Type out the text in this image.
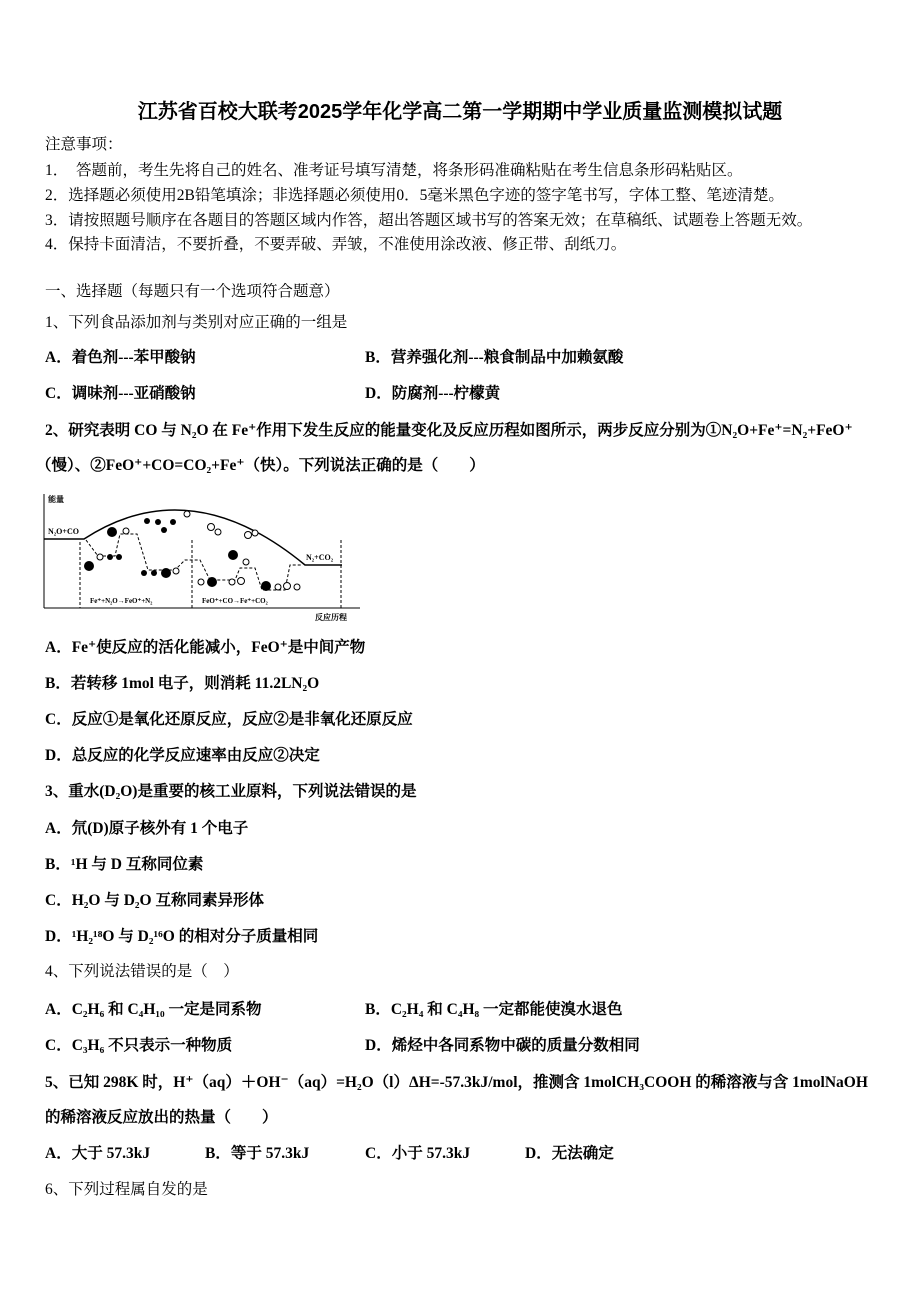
江苏省百校大联考2025学年化学高二第一学期期中学业质量监测模拟试题
注意事项：
1．　答题前，考生先将自己的姓名、准考证号填写清楚，将条形码准确粘贴在考生信息条形码粘贴区。
2．选择题必须使用2B铅笔填涂；非选择题必须使用0．5毫米黑色字迹的签字笔书写，字体工整、笔迹清楚。
3．请按照题号顺序在各题目的答题区域内作答，超出答题区域书写的答案无效；在草稿纸、试题卷上答题无效。
4．保持卡面清洁，不要折叠，不要弄破、弄皱，不准使用涂改液、修正带、刮纸刀。
一、选择题（每题只有一个选项符合题意）
1、下列食品添加剂与类别对应正确的一组是
A．着色剂---苯甲酸钠	B．营养强化剂---粮食制品中加赖氨酸
C．调味剂---亚硝酸钠	D．防腐剂---柠檬黄
2、研究表明 CO 与 N₂O 在 Fe⁺作用下发生反应的能量变化及反应历程如图所示，两步反应分别为①N₂O+Fe⁺=N₂+FeO⁺
（慢）、②FeO⁺+CO=CO₂+Fe⁺（快）。下列说法正确的是（　　）
能量
反应历程
N₂O+CO
N₂+CO₂
Fe⁺+N₂O→FeO⁺+N₂	FeO⁺+CO→Fe⁺+CO₂
A．Fe⁺使反应的活化能减小，FeO⁺是中间产物
B．若转移 1mol 电子，则消耗 11.2LN₂O
C．反应①是氧化还原反应，反应②是非氧化还原反应
D．总反应的化学反应速率由反应②决定
3、重水(D₂O)是重要的核工业原料，下列说法错误的是
A．氘(D)原子核外有 1 个电子
B．¹H 与 D 互称同位素
C．H₂O 与 D₂O 互称同素异形体
D．¹H₂¹⁸O 与 D₂¹⁶O 的相对分子质量相同
4、下列说法错误的是（　）
A．C₂H₆ 和 C₄H₁₀ 一定是同系物	B．C₂H₄ 和 C₄H₈ 一定都能使溴水退色
C．C₃H₆ 不只表示一种物质	D．烯烃中各同系物中碳的质量分数相同
5、已知 298K 时，H⁺（aq）＋OH⁻（aq）=H₂O（l）ΔH=-57.3kJ/mol，推测含 1molCH₃COOH 的稀溶液与含 1molNaOH
的稀溶液反应放出的热量（　　）
A．大于 57.3kJ	B．等于 57.3kJ	C．小于 57.3kJ	D．无法确定
6、下列过程属自发的是
